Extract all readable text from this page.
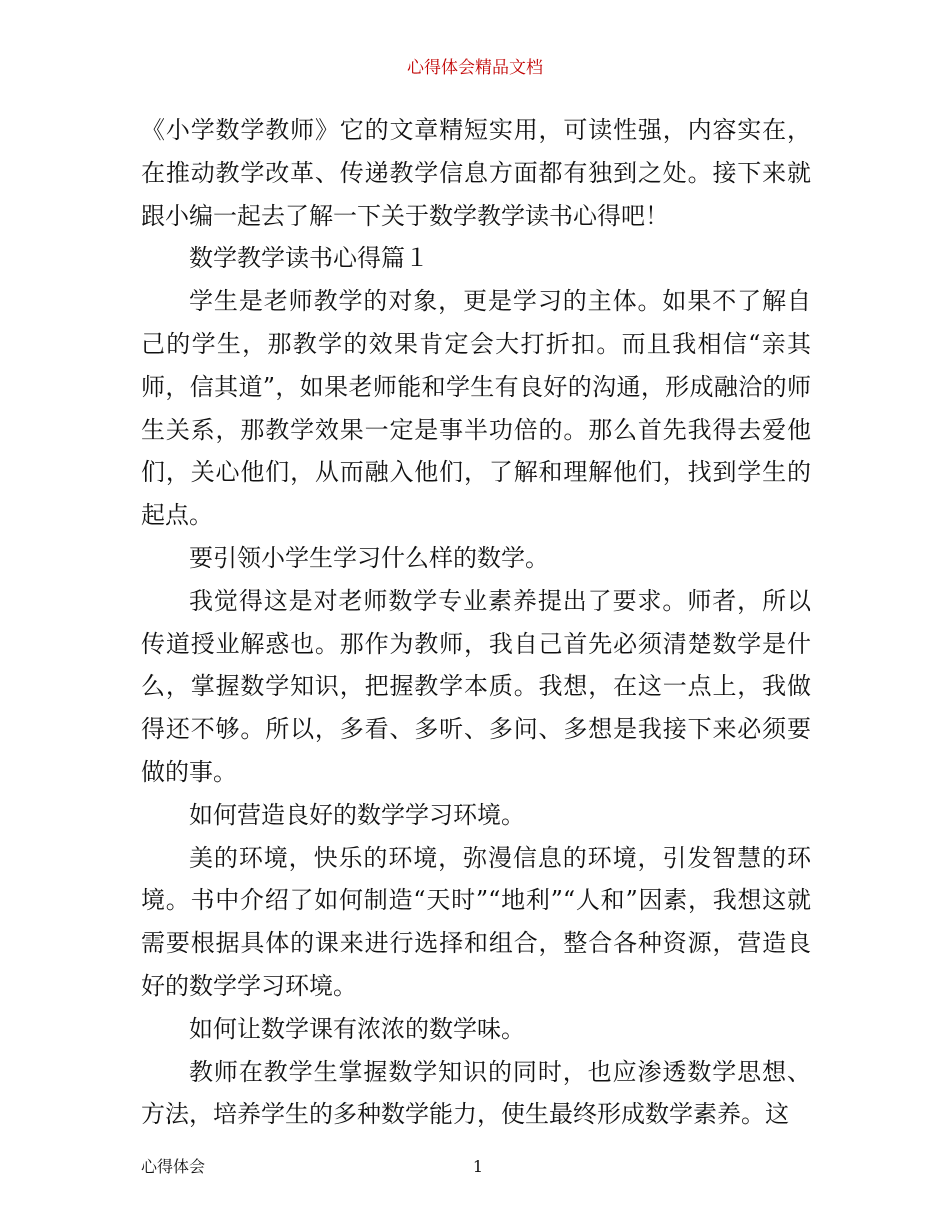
心得体会精品文档

《小学数学教师》它的文章精短实用，可读性强，内容实在，在推动教学改革、传递教学信息方面都有独到之处。接下来就跟小编一起去了解一下关于数学教学读书心得吧！

数学教学读书心得篇１

学生是老师教学的对象，更是学习的主体。如果不了解自己的学生，那教学的效果肯定会大打折扣。而且我相信“亲其师，信其道”，如果老师能和学生有良好的沟通，形成融洽的师生关系，那教学效果一定是事半功倍的。那么首先我得去爱他们，关心他们，从而融入他们，了解和理解他们，找到学生的起点。

要引领小学生学习什么样的数学。

我觉得这是对老师数学专业素养提出了要求。师者，所以传道授业解惑也。那作为教师，我自己首先必须清楚数学是什么，掌握数学知识，把握教学本质。我想，在这一点上，我做得还不够。所以，多看、多听、多问、多想是我接下来必须要做的事。

如何营造良好的数学学习环境。

美的环境，快乐的环境，弥漫信息的环境，引发智慧的环境。书中介绍了如何制造“天时”“地利”“人和”因素，我想这就需要根据具体的课来进行选择和组合，整合各种资源，营造良好的数学学习环境。

如何让数学课有浓浓的数学味。

教师在教学生掌握数学知识的同时，也应渗透数学思想、方法，培养学生的多种数学能力，使生最终形成数学素养。这

心得体会	1
